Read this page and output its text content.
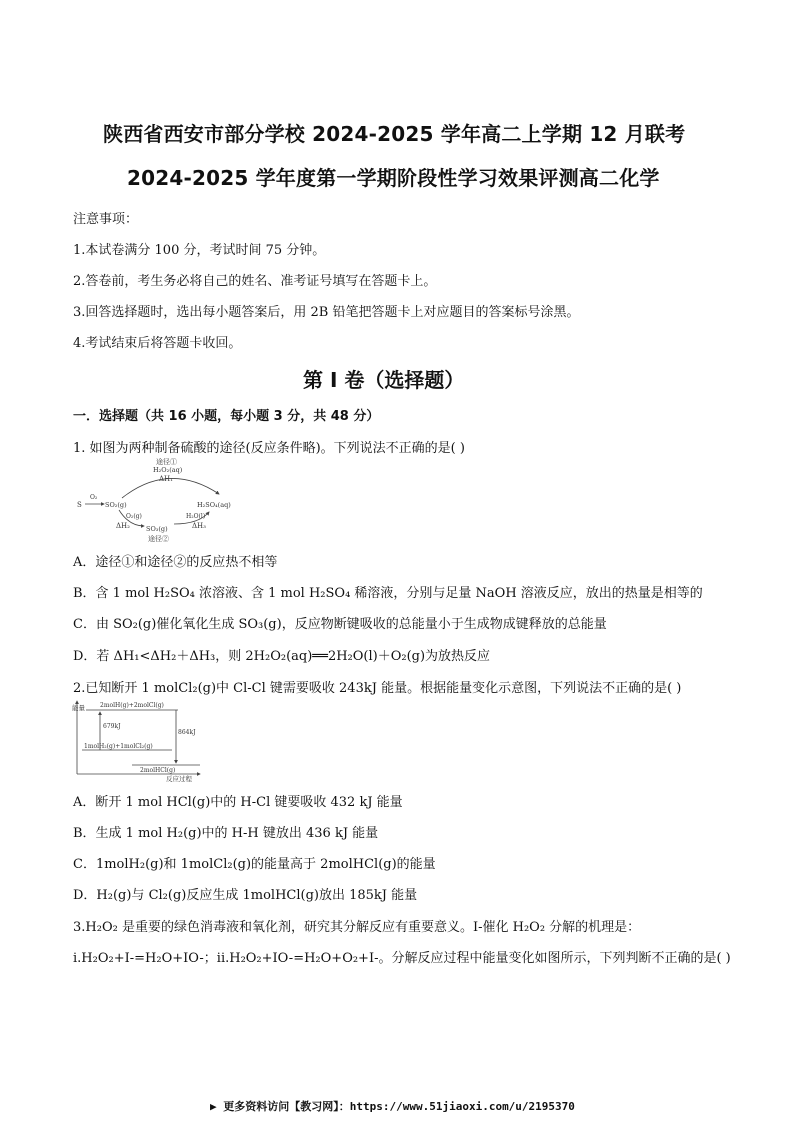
陕西省西安市部分学校 2024-2025 学年高二上学期 12 月联考
2024-2025 学年度第一学期阶段性学习效果评测高二化学
注意事项：
1.本试卷满分 100 分，考试时间 75 分钟。
2.答卷前，考生务必将自己的姓名、准考证号填写在答题卡上。
3.回答选择题时，选出每小题答案后，用 2B 铅笔把答题卡上对应题目的答案标号涂黑。
4.考试结束后将答题卡收回。
第 I 卷（选择题）
一．选择题（共 16 小题，每小题 3 分，共 48 分）
1. 如图为两种制备硫酸的途径(反应条件略)。下列说法不正确的是( )
途径①
H₂O₂(aq)
ΔH₁
S
O₂
SO₂(g)	H₂SO₄(aq)
O₂(g)	H₂O(l)
ΔH₂	ΔH₃
SO₃(g)
途径②
A．途径①和途径②的反应热不相等
B．含 1 mol H₂SO₄ 浓溶液、含 1 mol H₂SO₄ 稀溶液，分别与足量 NaOH 溶液反应，放出的热量是相等的
C．由 SO₂(g)催化氧化生成 SO₃(g)，反应物断键吸收的总能量小于生成物成键释放的总能量
D．若 ΔH₁<ΔH₂＋ΔH₃，则 2H₂O₂(aq)══2H₂O(l)＋O₂(g)为放热反应
2.已知断开 1 molCl₂(g)中 Cl-Cl 键需要吸收 243kJ 能量。根据能量变化示意图，下列说法不正确的是( )
能量
反应过程
2molH(g)+2molCl(g)
1molH₂(g)+1molCl₂(g)
2molHCl(g)
679kJ
864kJ
A．断开 1 mol HCl(g)中的 H-Cl 键要吸收 432 kJ 能量
B．生成 1 mol H₂(g)中的 H-H 键放出 436 kJ 能量
C．1molH₂(g)和 1molCl₂(g)的能量高于 2molHCl(g)的能量
D．H₂(g)与 Cl₂(g)反应生成 1molHCl(g)放出 185kJ 能量
3.H₂O₂ 是重要的绿色消毒液和氧化剂，研究其分解反应有重要意义。I-催化 H₂O₂ 分解的机理是：
i.H₂O₂+I-=H₂O+IO-；ii.H₂O₂+IO-=H₂O+O₂+I-。分解反应过程中能量变化如图所示，下列判断不正确的是( )
▶ 更多资料访问【教习网】：https://www.51jiaoxi.com/u/2195370
